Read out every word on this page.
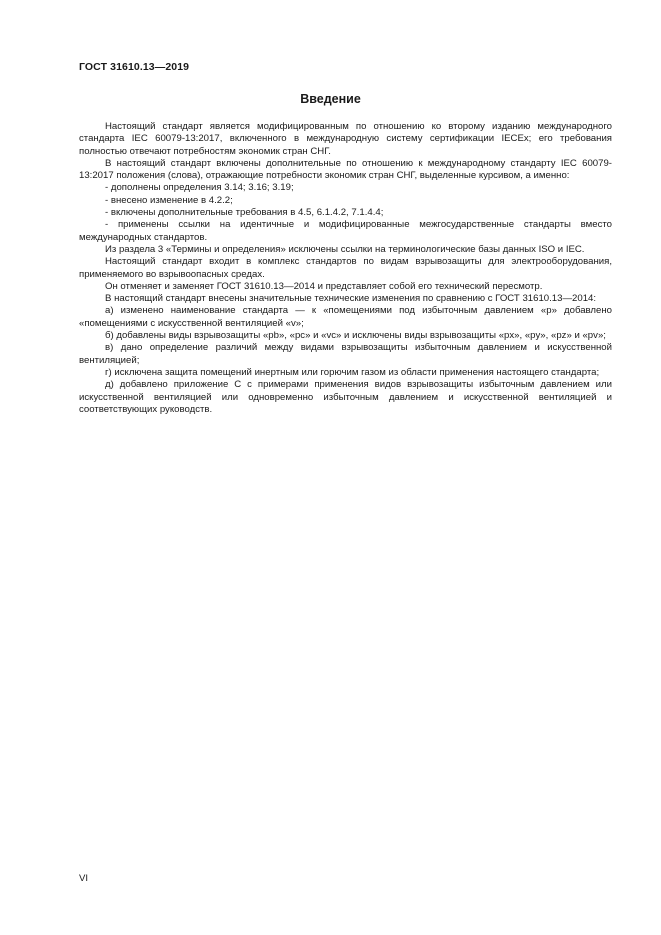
ГОСТ 31610.13—2019
Введение

Настоящий стандарт является модифицированным по отношению ко второму изданию международного стандарта IEC 60079-13:2017, включенного в международную систему сертификации IECEx; его требования полностью отвечают потребностям экономик стран СНГ.

В настоящий стандарт включены дополнительные по отношению к международному стандарту IEC 60079-13:2017 положения (слова), отражающие потребности экономик стран СНГ, выделенные курсивом, а именно:

- дополнены определения 3.14; 3.16; 3.19;

- внесено изменение в 4.2.2;

- включены дополнительные требования в 4.5, 6.1.4.2, 7.1.4.4;

- применены ссылки на идентичные и модифицированные межгосударственные стандарты вместо международных стандартов.

Из раздела 3 «Термины и определения» исключены ссылки на терминологические базы данных ISO и IEC.

Настоящий стандарт входит в комплекс стандартов по видам взрывозащиты для электрооборудования, применяемого во взрывоопасных средах.

Он отменяет и заменяет ГОСТ 31610.13—2014 и представляет собой его технический пересмотр.

В настоящий стандарт внесены значительные технические изменения по сравнению с ГОСТ 31610.13—2014:

а) изменено наименование стандарта — к «помещениями под избыточным давлением «p» добавлено «помещениями с искусственной вентиляцией «v»;

б) добавлены виды взрывозащиты «pb», «pc» и «vc» и исключены виды взрывозащиты «px», «py», «pz» и «pv»;

в) дано определение различий между видами взрывозащиты избыточным давлением и искусственной вентиляцией;

г) исключена защита помещений инертным или горючим газом из области применения настоящего стандарта;

д) добавлено приложение С с примерами применения видов взрывозащиты избыточным давлением или искусственной вентиляцией или одновременно избыточным давлением и искусственной вентиляцией и соответствующих руководств.

VI
